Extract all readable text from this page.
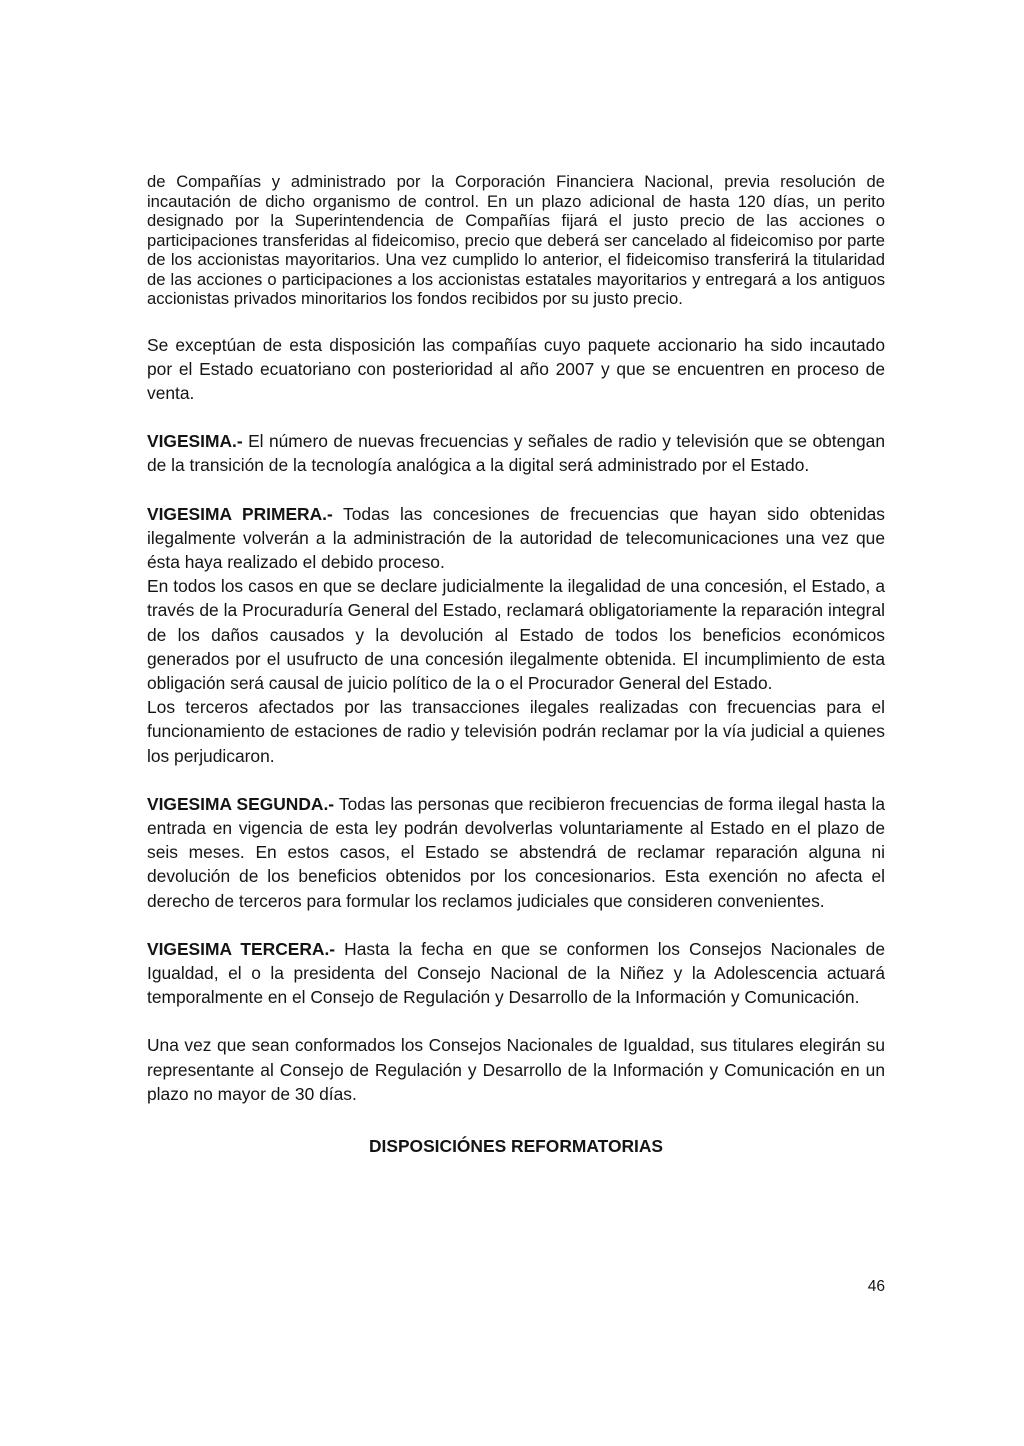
de Compañías y administrado por la Corporación Financiera Nacional, previa resolución de incautación de dicho organismo de control. En un plazo adicional de hasta 120 días, un perito designado por la Superintendencia de Compañías fijará el justo precio de las acciones o participaciones transferidas al fideicomiso, precio que deberá ser cancelado al fideicomiso por parte de los accionistas mayoritarios. Una vez cumplido lo anterior, el fideicomiso transferirá la titularidad de las acciones o participaciones a los accionistas estatales mayoritarios y entregará a los antiguos accionistas privados minoritarios los fondos recibidos por su justo precio.

Se exceptúan de esta disposición las compañías cuyo paquete accionario ha sido incautado por el Estado ecuatoriano con posterioridad al año 2007 y que se encuentren en proceso de venta.

VIGESIMA.- El número de nuevas frecuencias y señales de radio y televisión que se obtengan de la transición de la tecnología analógica a la digital será administrado por el Estado.

VIGESIMA PRIMERA.- Todas las concesiones de frecuencias que hayan sido obtenidas ilegalmente volverán a la administración de la autoridad de telecomunicaciones una vez que ésta haya realizado el debido proceso.

En todos los casos en que se declare judicialmente la ilegalidad de una concesión, el Estado, a través de la Procuraduría General del Estado, reclamará obligatoriamente la reparación integral de los daños causados y la devolución al Estado de todos los beneficios económicos generados por el usufructo de una concesión ilegalmente obtenida. El incumplimiento de esta obligación será causal de juicio político de la o el Procurador General del Estado.

Los terceros afectados por las transacciones ilegales realizadas con frecuencias para el funcionamiento de estaciones de radio y televisión podrán reclamar por la vía judicial a quienes los perjudicaron.

VIGESIMA SEGUNDA.- Todas las personas que recibieron frecuencias de forma ilegal hasta la entrada en vigencia de esta ley podrán devolverlas voluntariamente al Estado en el plazo de seis meses. En estos casos, el Estado se abstendrá de reclamar reparación alguna ni devolución de los beneficios obtenidos por los concesionarios. Esta exención no afecta el derecho de terceros para formular los reclamos judiciales que consideren convenientes.

VIGESIMA TERCERA.- Hasta la fecha en que se conformen los Consejos Nacionales de Igualdad, el o la presidenta del Consejo Nacional de la Niñez y la Adolescencia actuará temporalmente en el Consejo de Regulación y Desarrollo de la Información y Comunicación.

Una vez que sean conformados los Consejos Nacionales de Igualdad, sus titulares elegirán su representante al Consejo de Regulación y Desarrollo de la Información y Comunicación en un plazo no mayor de 30 días.

DISPOSICIÓNES REFORMATORIAS
46
